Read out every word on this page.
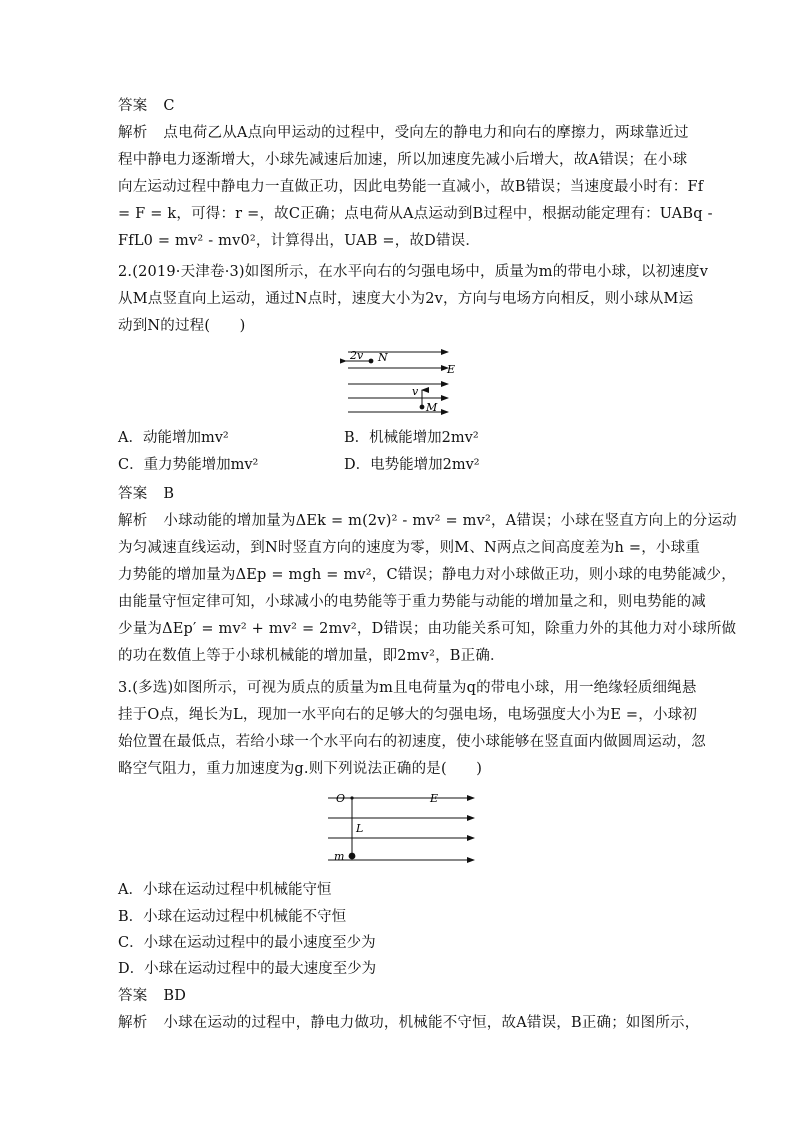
答案 C
解析 点电荷乙从A点向甲运动的过程中，受向左的静电力和向右的摩擦力，两球靠近过
程中静电力逐渐增大，小球先减速后加速，所以加速度先减小后增大，故A错误；在小球
向左运动过程中静电力一直做正功，因此电势能一直减小，故B错误；当速度最小时有：Ff
= F = k，可得：r =，故C正确；点电荷从A点运动到B过程中，根据动能定理有：UABq -
FfL0 = mv² - mv0²，计算得出，UAB =，故D错误．
2.(2019·天津卷·3)如图所示，在水平向右的匀强电场中，质量为m的带电小球，以初速度v
从M点竖直向上运动，通过N点时，速度大小为2v，方向与电场方向相反，则小球从M运
动到N的过程(　　)
2v N
E
v
M
A．动能增加mv²	B．机械能增加2mv²
C．重力势能增加mv²	D．电势能增加2mv²
答案 B
解析 小球动能的增加量为ΔEk = m(2v)² - mv² = mv²，A错误；小球在竖直方向上的分运动
为匀减速直线运动，到N时竖直方向的速度为零，则M、N两点之间高度差为h =，小球重
力势能的增加量为ΔEp = mgh = mv²，C错误；静电力对小球做正功，则小球的电势能减少，
由能量守恒定律可知，小球减小的电势能等于重力势能与动能的增加量之和，则电势能的减
少量为ΔEp′ = mv² + mv² = 2mv²，D错误；由功能关系可知，除重力外的其他力对小球所做
的功在数值上等于小球机械能的增加量，即2mv²，B正确．
3.(多选)如图所示，可视为质点的质量为m且电荷量为q的带电小球，用一绝缘轻质细绳悬
挂于O点，绳长为L，现加一水平向右的足够大的匀强电场，电场强度大小为E =，小球初
始位置在最低点，若给小球一个水平向右的初速度，使小球能够在竖直面内做圆周运动，忽
略空气阻力，重力加速度为g.则下列说法正确的是(　　)
O	E
L
m
A．小球在运动过程中机械能守恒
B．小球在运动过程中机械能不守恒
C．小球在运动过程中的最小速度至少为
D．小球在运动过程中的最大速度至少为
答案 BD
解析 小球在运动的过程中，静电力做功，机械能不守恒，故A错误，B正确；如图所示，
